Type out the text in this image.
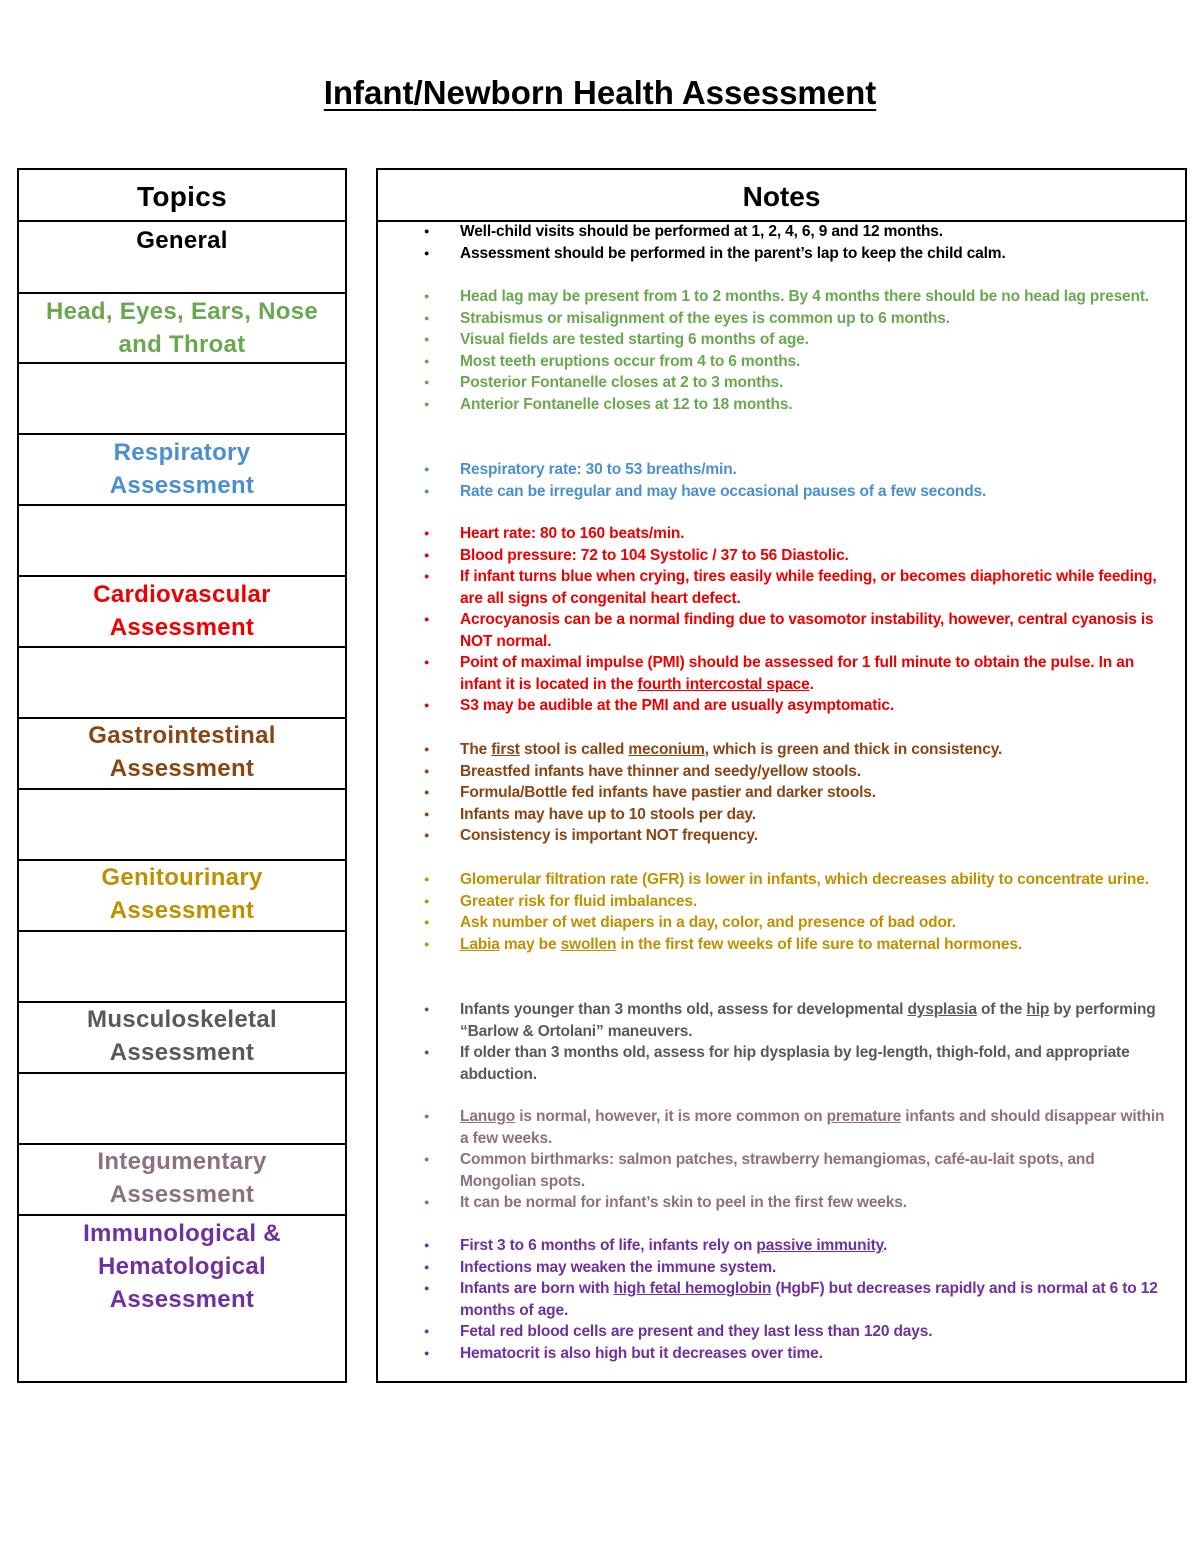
Infant/Newborn Health Assessment
Topics
General
Head, Eyes, Ears, Nose
and Throat
Respiratory
Assessment
Cardiovascular
Assessment
Gastrointestinal
Assessment
Genitourinary
Assessment
Musculoskeletal
Assessment
Integumentary
Assessment
Immunological &
Hematological
Assessment
Notes
● Well-child visits should be performed at 1, 2, 4, 6, 9 and 12 months.
● Assessment should be performed in the parent’s lap to keep the child calm.
● Head lag may be present from 1 to 2 months. By 4 months there should be no head lag present.
● Strabismus or misalignment of the eyes is common up to 6 months.
● Visual fields are tested starting 6 months of age.
● Most teeth eruptions occur from 4 to 6 months.
● Posterior Fontanelle closes at 2 to 3 months.
● Anterior Fontanelle closes at 12 to 18 months.
● Respiratory rate: 30 to 53 breaths/min.
● Rate can be irregular and may have occasional pauses of a few seconds.
● Heart rate: 80 to 160 beats/min.
● Blood pressure: 72 to 104 Systolic / 37 to 56 Diastolic.
● If infant turns blue when crying, tires easily while feeding, or becomes diaphoretic while feeding, are all signs of congenital heart defect.
● Acrocyanosis can be a normal finding due to vasomotor instability, however, central cyanosis is NOT normal.
● Point of maximal impulse (PMI) should be assessed for 1 full minute to obtain the pulse. In an infant it is located in the fourth intercostal space.
● S3 may be audible at the PMI and are usually asymptomatic.
● The first stool is called meconium, which is green and thick in consistency.
● Breastfed infants have thinner and seedy/yellow stools.
● Formula/Bottle fed infants have pastier and darker stools.
● Infants may have up to 10 stools per day.
● Consistency is important NOT frequency.
● Glomerular filtration rate (GFR) is lower in infants, which decreases ability to concentrate urine.
● Greater risk for fluid imbalances.
● Ask number of wet diapers in a day, color, and presence of bad odor.
● Labia may be swollen in the first few weeks of life sure to maternal hormones.
● Infants younger than 3 months old, assess for developmental dysplasia of the hip by performing “Barlow & Ortolani” maneuvers.
● If older than 3 months old, assess for hip dysplasia by leg-length, thigh-fold, and appropriate abduction.
● Lanugo is normal, however, it is more common on premature infants and should disappear within a few weeks.
● Common birthmarks: salmon patches, strawberry hemangiomas, café-au-lait spots, and Mongolian spots.
● It can be normal for infant’s skin to peel in the first few weeks.
● First 3 to 6 months of life, infants rely on passive immunity.
● Infections may weaken the immune system.
● Infants are born with high fetal hemoglobin (HgbF) but decreases rapidly and is normal at 6 to 12 months of age.
● Fetal red blood cells are present and they last less than 120 days.
● Hematocrit is also high but it decreases over time.
